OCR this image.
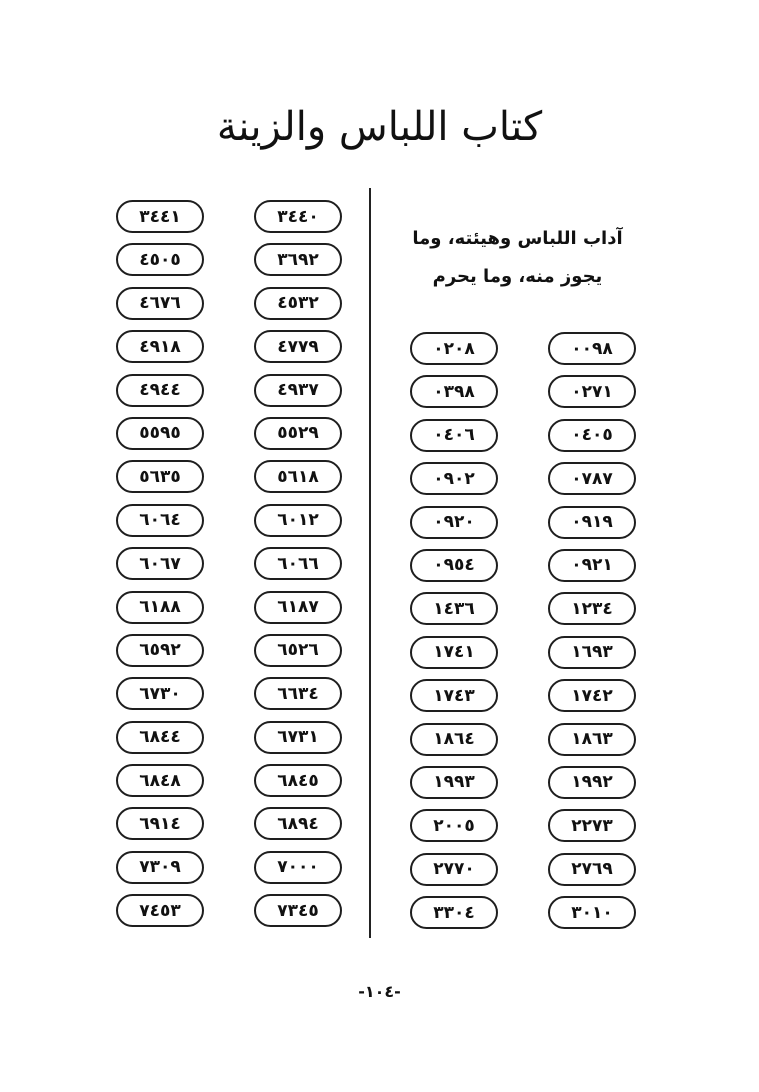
كتاب اللباس والزينة
آداب اللباس وهيئته، وما يجوز منه، وما يحرم
٠٠٩٨
٠٢٧١
٠٤٠٥
٠٧٨٧
٠٩١٩
٠٩٢١
١٢٣٤
١٦٩٣
١٧٤٢
١٨٦٣
١٩٩٢
٢٢٧٣
٢٧٦٩
٣٠١٠
٠٢٠٨
٠٣٩٨
٠٤٠٦
٠٩٠٢
٠٩٢٠
٠٩٥٤
١٤٣٦
١٧٤١
١٧٤٣
١٨٦٤
١٩٩٣
٢٠٠٥
٢٧٧٠
٣٣٠٤
٣٤٤٠
٣٦٩٢
٤٥٣٢
٤٧٧٩
٤٩٣٧
٥٥٢٩
٥٦١٨
٦٠١٢
٦٠٦٦
٦١٨٧
٦٥٢٦
٦٦٣٤
٦٧٣١
٦٨٤٥
٦٨٩٤
٧٠٠٠
٧٣٤٥
٣٤٤١
٤٥٠٥
٤٦٧٦
٤٩١٨
٤٩٤٤
٥٥٩٥
٥٦٣٥
٦٠٦٤
٦٠٦٧
٦١٨٨
٦٥٩٢
٦٧٣٠
٦٨٤٤
٦٨٤٨
٦٩١٤
٧٣٠٩
٧٤٥٣
-١٠٤-
